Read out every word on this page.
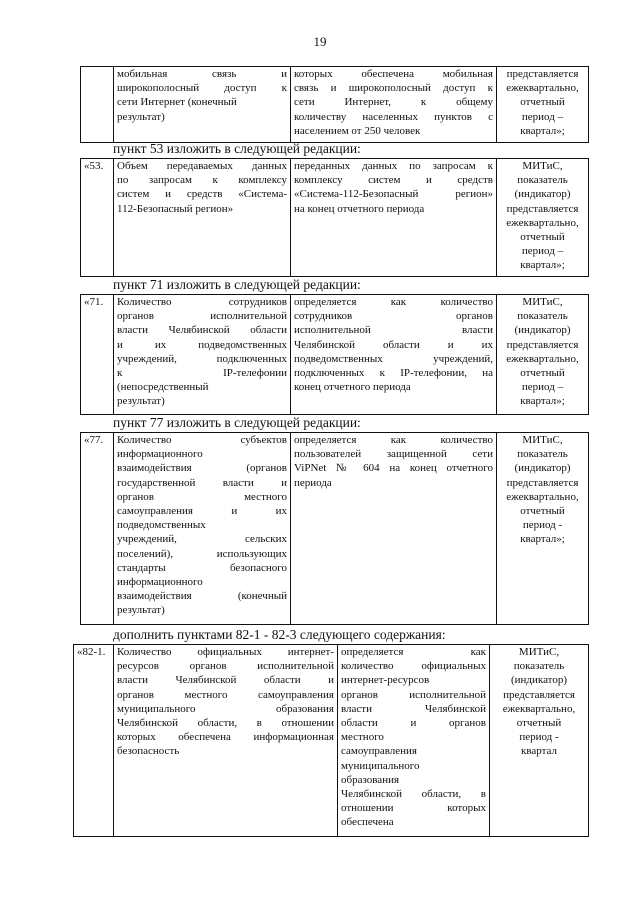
19

мобильная связь и
широкополосный доступ к
сети Интернет (конечный
результат)

которых обеспечена мобильная
связь и широкополосный доступ к
сети Интернет, к общему
количеству населенных пунктов с
населением от 250 человек

представляется
ежеквартально,
отчетный
период –
квартал»;
пункт 53 изложить в следующей редакции:
«53.	Объем передаваемых данных
по запросам к комплексу
систем и средств «Система-
112-Безопасный регион»

переданных данных по запросам к
комплексу систем и средств
«Система-112-Безопасный регион»
на конец отчетного периода

МИТиС,
показатель
(индикатор)
представляется
ежеквартально,
отчетный
период –
квартал»;
пункт 71 изложить в следующей редакции:
«71.	Количество сотрудников
органов исполнительной
власти Челябинской области
и их подведомственных
учреждений, подключенных
к IP-телефонии
(непосредственный
результат)

определяется как количество
сотрудников органов
исполнительной власти
Челябинской области и их
подведомственных учреждений,
подключенных к IP-телефонии, на
конец отчетного периода

МИТиС,
показатель
(индикатор)
представляется
ежеквартально,
отчетный
период –
квартал»;
пункт 77 изложить в следующей редакции:
«77.	Количество субъектов
информационного
взаимодействия (органов
государственной власти и
органов местного
самоуправления и их
подведомственных
учреждений, сельских
поселений), использующих
стандарты безопасного
информационного
взаимодействия (конечный
результат)

определяется как количество
пользователей защищенной сети
ViPNet № 604 на конец отчетного
периода

МИТиС,
показатель
(индикатор)
представляется
ежеквартально,
отчетный
период -
квартал»;
дополнить пунктами 82-1 - 82-3 следующего содержания:
«82-1.	Количество официальных интернет-
ресурсов органов исполнительной
власти Челябинской области и
органов местного самоуправления
муниципального образования
Челябинской области, в отношении
которых обеспечена информационная
безопасность

определяется как
количество официальных
интернет-ресурсов
органов исполнительной
власти Челябинской
области и органов
местного
самоуправления
муниципального
образования
Челябинской области, в
отношении которых
обеспечена

МИТиС,
показатель
(индикатор)
представляется
ежеквартально,
отчетный
период -
квартал
